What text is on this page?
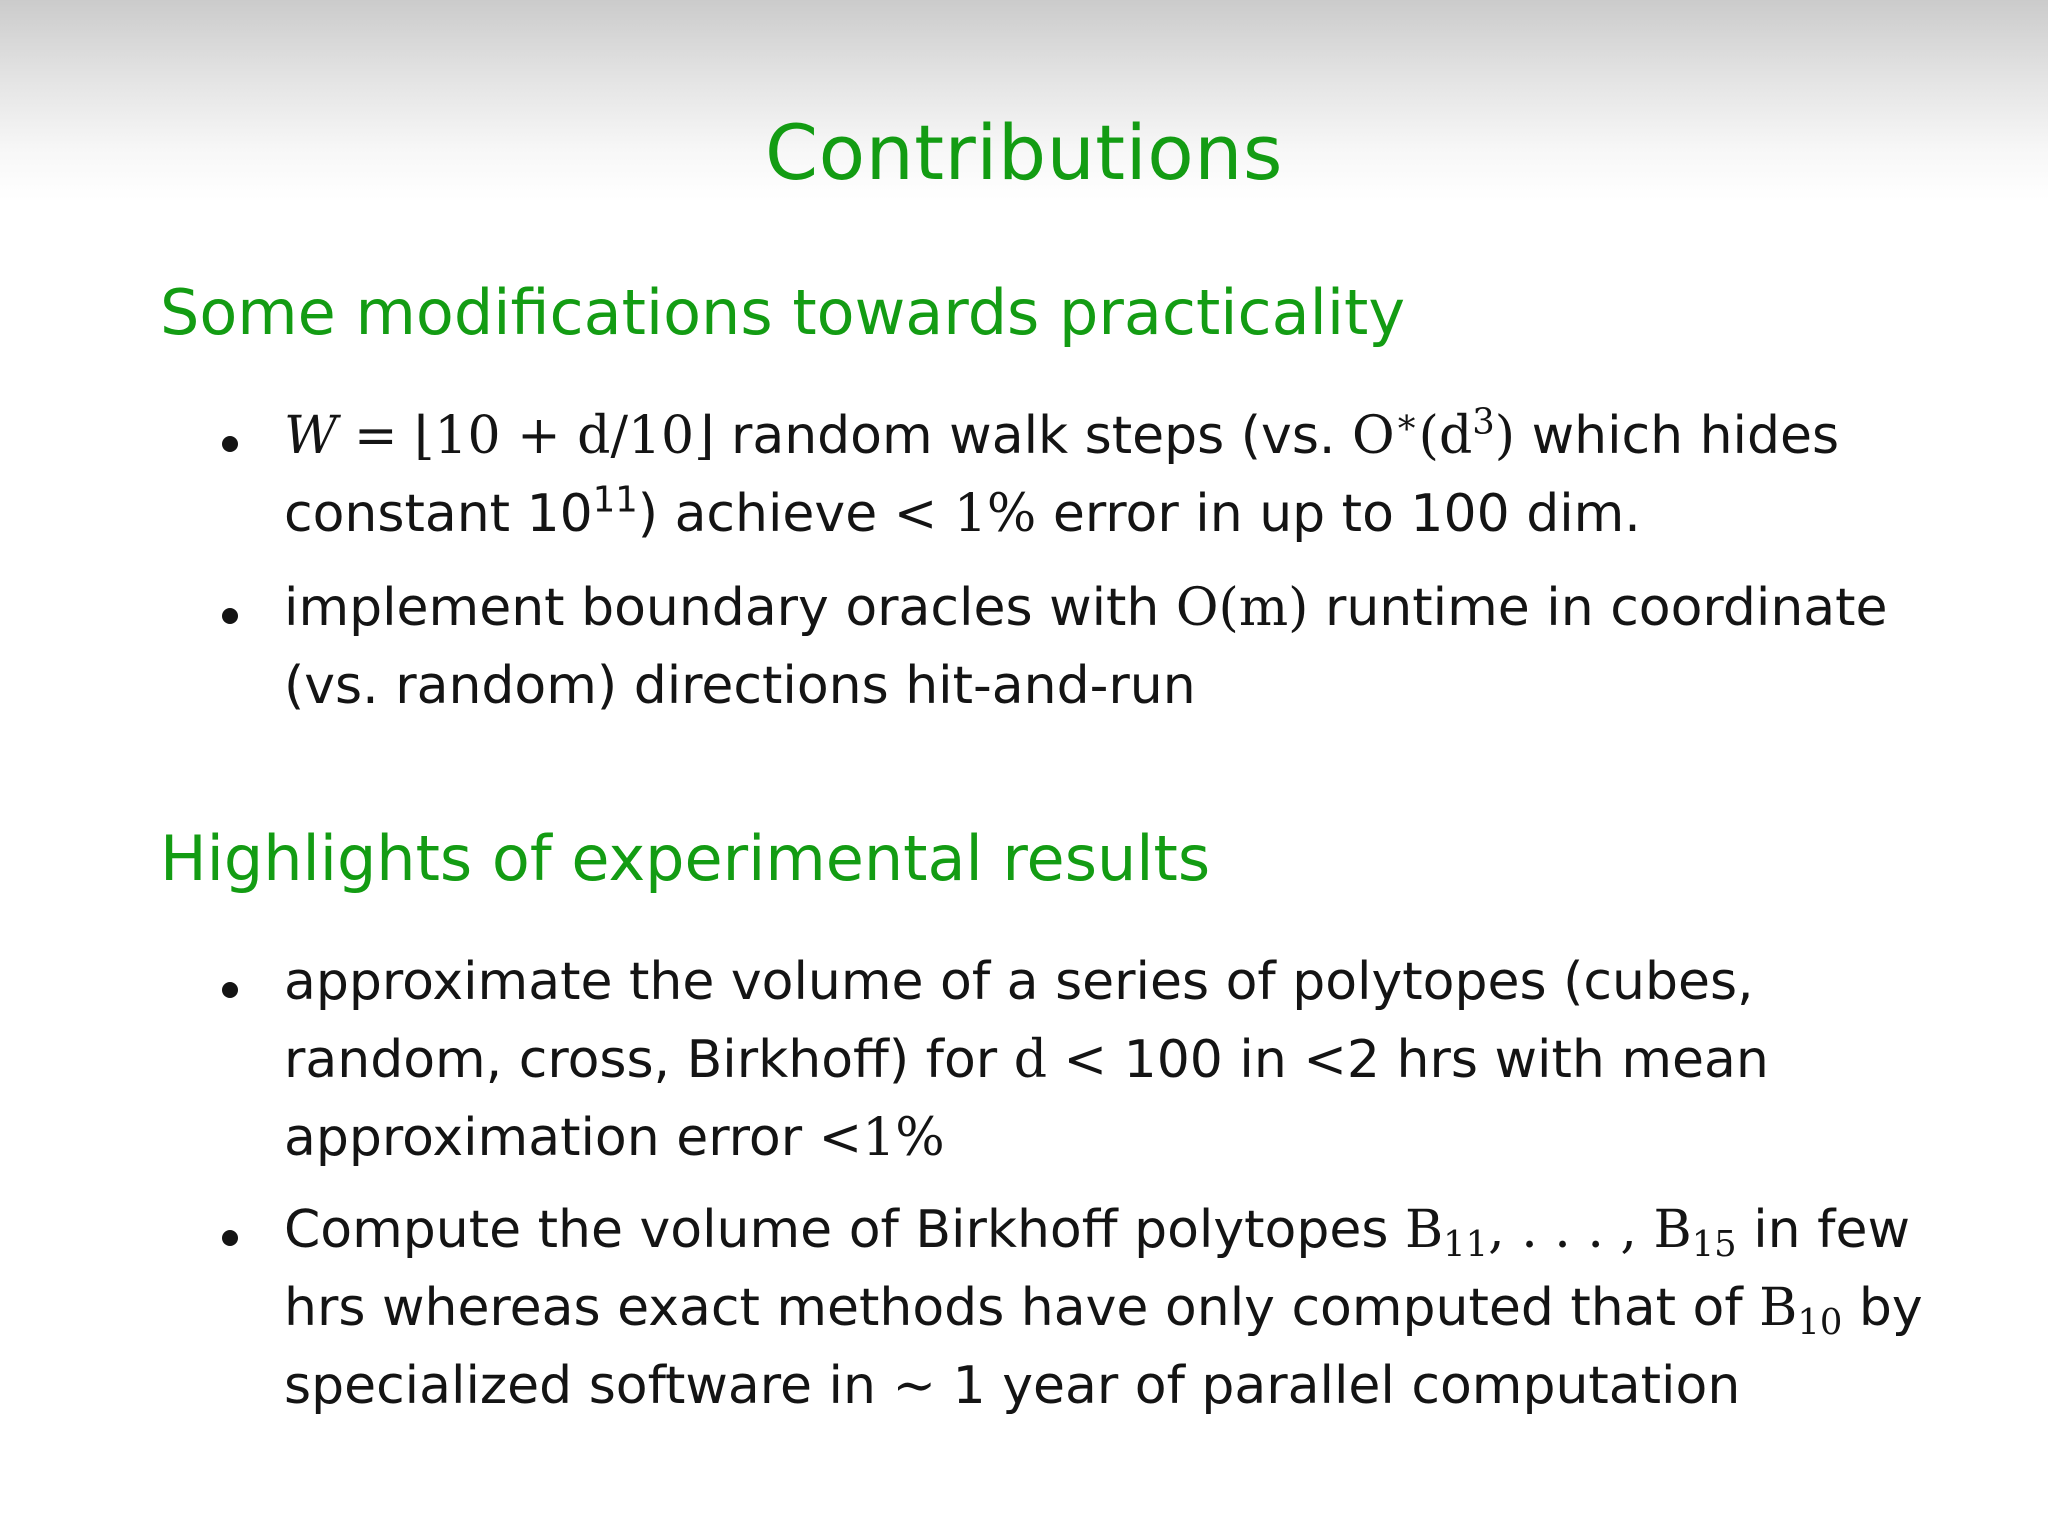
Contributions
Some modifications towards practicality
W = ⌊10 + d/10⌋ random walk steps (vs. $O^∗(d^3)$ which hides
constant $10^{11}$) achieve < 1% error in up to 100 dim.
implement boundary oracles with O(m) runtime in coordinate
(vs. random) directions hit-and-run
Highlights of experimental results
approximate the volume of a series of polytopes (cubes,
random, cross, Birkhoff) for d < 100 in <2 hrs with mean
approximation error <1%
Compute the volume of Birkhoff polytopes $B_{11}$, . . . , $B_{15}$ in few
hrs whereas exact methods have only computed that of $B_{10}$ by
specialized software in ∼ 1 year of parallel computation
